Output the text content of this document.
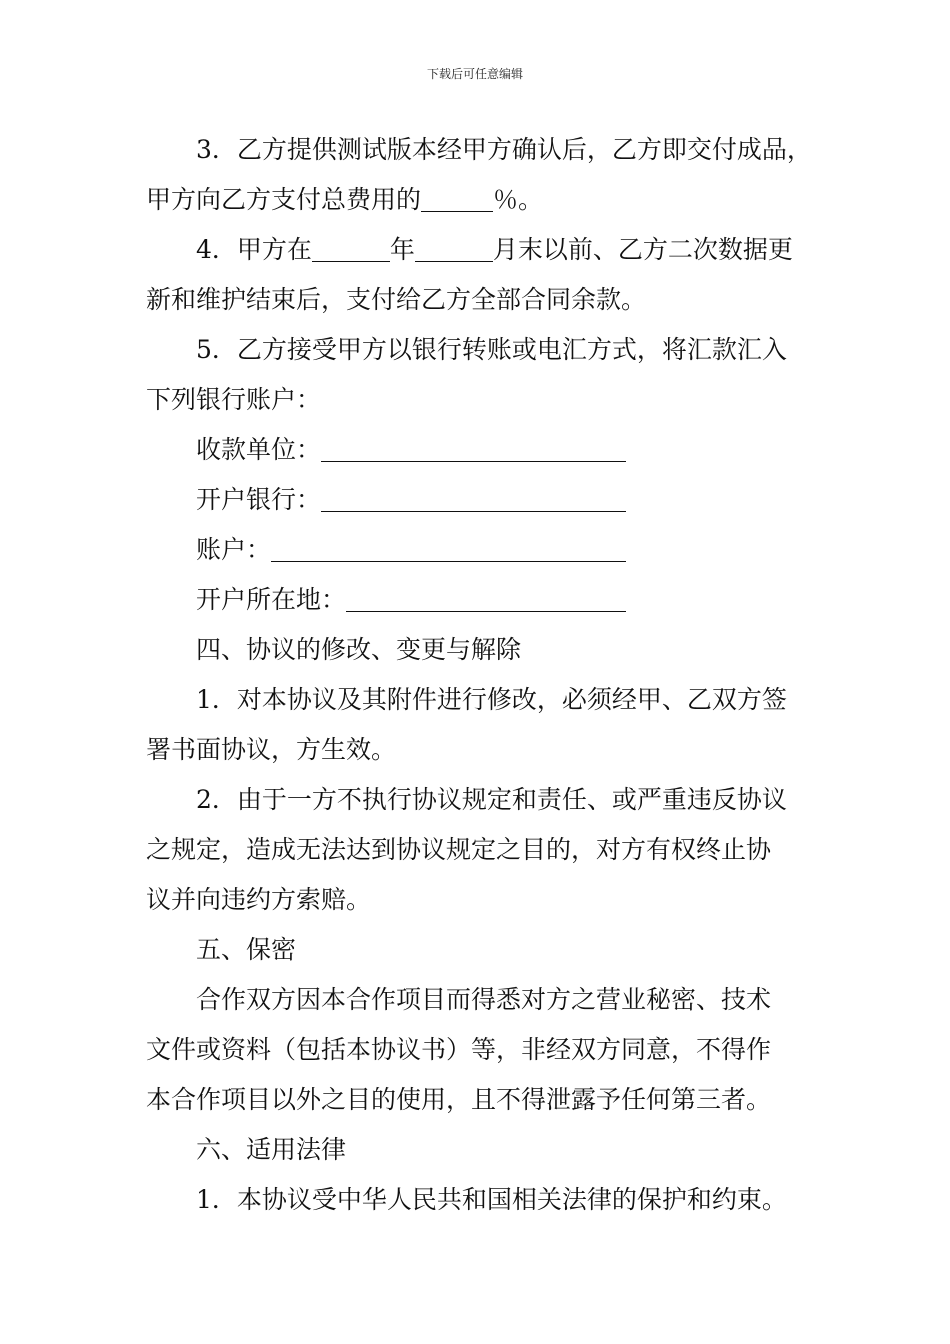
下载后可任意编辑
3．乙方提供测试版本经甲方确认后，乙方即交付成品，
甲方向乙方支付总费用的	％。
4．甲方在	年	月末以前、乙方二次数据更
新和维护结束后，支付给乙方全部合同余款。
5．乙方接受甲方以银行转账或电汇方式，将汇款汇入
下列银行账户：
收款单位：
开户银行：
账户：
开户所在地：
四、协议的修改、变更与解除
1．对本协议及其附件进行修改，必须经甲、乙双方签
署书面协议，方生效。
2．由于一方不执行协议规定和责任、或严重违反协议
之规定，造成无法达到协议规定之目的，对方有权终止协
议并向违约方索赔。
五、保密
合作双方因本合作项目而得悉对方之营业秘密、技术
文件或资料（包括本协议书）等，非经双方同意，不得作
本合作项目以外之目的使用，且不得泄露予任何第三者。
六、适用法律
1．本协议受中华人民共和国相关法律的保护和约束。
